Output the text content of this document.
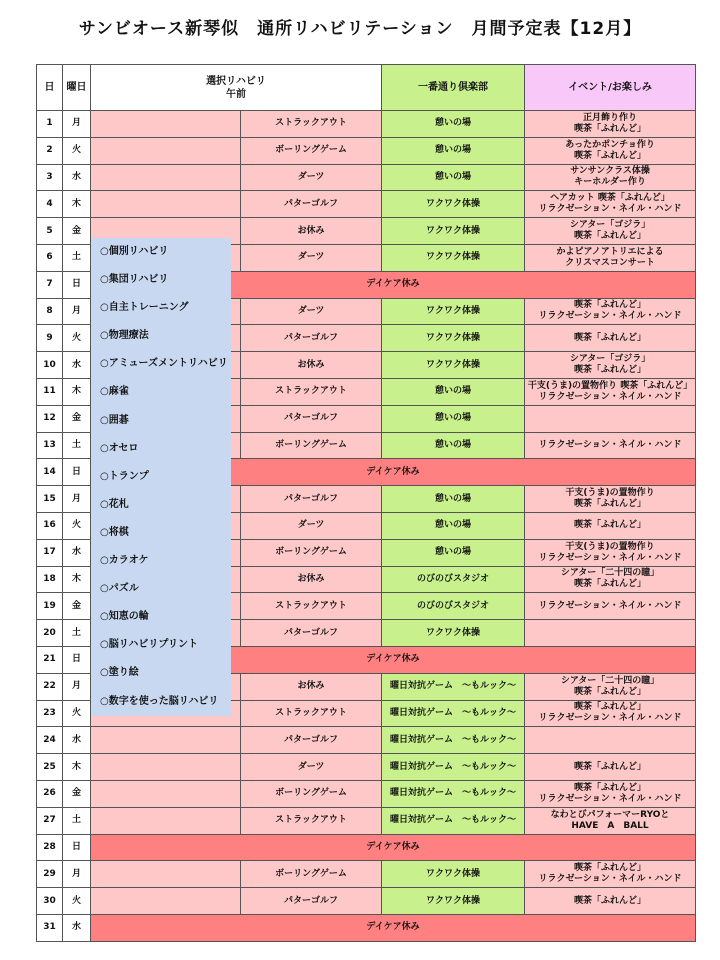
サンビオース新琴似　通所リハビリテーション　月間予定表【12月】
日	曜日	選択リハビリ
午前		一番通り倶楽部	イベント/お楽しみ
1	月		ストラックアウト	憩いの場	正月飾り作り
喫茶「ふれんど」
2	火		ボーリングゲーム	憩いの場	あったかポンチョ作り
喫茶「ふれんど」
3	水		ダーツ	憩いの場	サンサンクラス体操
キーホルダー作り
4	木		パターゴルフ	ワクワク体操	ヘアカット 喫茶「ふれんど」
リラクゼーション・ネイル・ハンド
5	金		お休み	ワクワク体操	シアター「ゴジラ」
喫茶「ふれんど」
6	土		ダーツ	ワクワク体操	かよピアノアトリエによる
クリスマスコンサート
7	日	デイケア休み			
8	月		ダーツ	ワクワク体操	喫茶「ふれんど」
リラクゼーション・ネイル・ハンド
9	火		パターゴルフ	ワクワク体操	喫茶「ふれんど」

10	水		お休み	ワクワク体操	シアター「ゴジラ」
喫茶「ふれんど」
11	木		ストラックアウト	憩いの場	干支(うま)の置物作り 喫茶「ふれんど」
リラクゼーション・ネイル・ハンド
12	金		パターゴルフ	憩いの場	

13	土		ボーリングゲーム	憩いの場	リラクゼーション・ネイル・ハンド

14	日	デイケア休み			
15	月		パターゴルフ	憩いの場	干支(うま)の置物作り
喫茶「ふれんど」
16	火		ダーツ	憩いの場	喫茶「ふれんど」

17	水		ボーリングゲーム	憩いの場	干支(うま)の置物作り
リラクゼーション・ネイル・ハンド
18	木		お休み	のびのびスタジオ	シアター「二十四の瞳」
喫茶「ふれんど」
19	金		ストラックアウト	のびのびスタジオ	リラクゼーション・ネイル・ハンド

20	土		パターゴルフ	ワクワク体操	

21	日	デイケア休み			
22	月		お休み	曜日対抗ゲーム　～もルック～	シアター「二十四の瞳」
喫茶「ふれんど」
23	火		ストラックアウト	曜日対抗ゲーム　～もルック～	喫茶「ふれんど」
リラクゼーション・ネイル・ハンド
24	水		パターゴルフ	曜日対抗ゲーム　～もルック～	

25	木		ダーツ	曜日対抗ゲーム　～もルック～	喫茶「ふれんど」

26	金		ボーリングゲーム	曜日対抗ゲーム　～もルック～	喫茶「ふれんど」
リラクゼーション・ネイル・ハンド
27	土		ストラックアウト	曜日対抗ゲーム　～もルック～	なわとびパフォーマーRYOと
HAVE　A　BALL
28	日	デイケア休み			
29	月		ボーリングゲーム	ワクワク体操	喫茶「ふれんど」
リラクゼーション・ネイル・ハンド
30	火		パターゴルフ	ワクワク体操	喫茶「ふれんど」

31	水	デイケア休み			
○個別リハビリ
○集団リハビリ
○自主トレーニング
○物理療法
○アミューズメントリハビリ
○麻雀
○囲碁
○オセロ
○トランプ
○花札
○将棋
○カラオケ
○パズル
○知恵の輪
○脳リハビリプリント
○塗り絵
○数字を使った脳リハビリ
